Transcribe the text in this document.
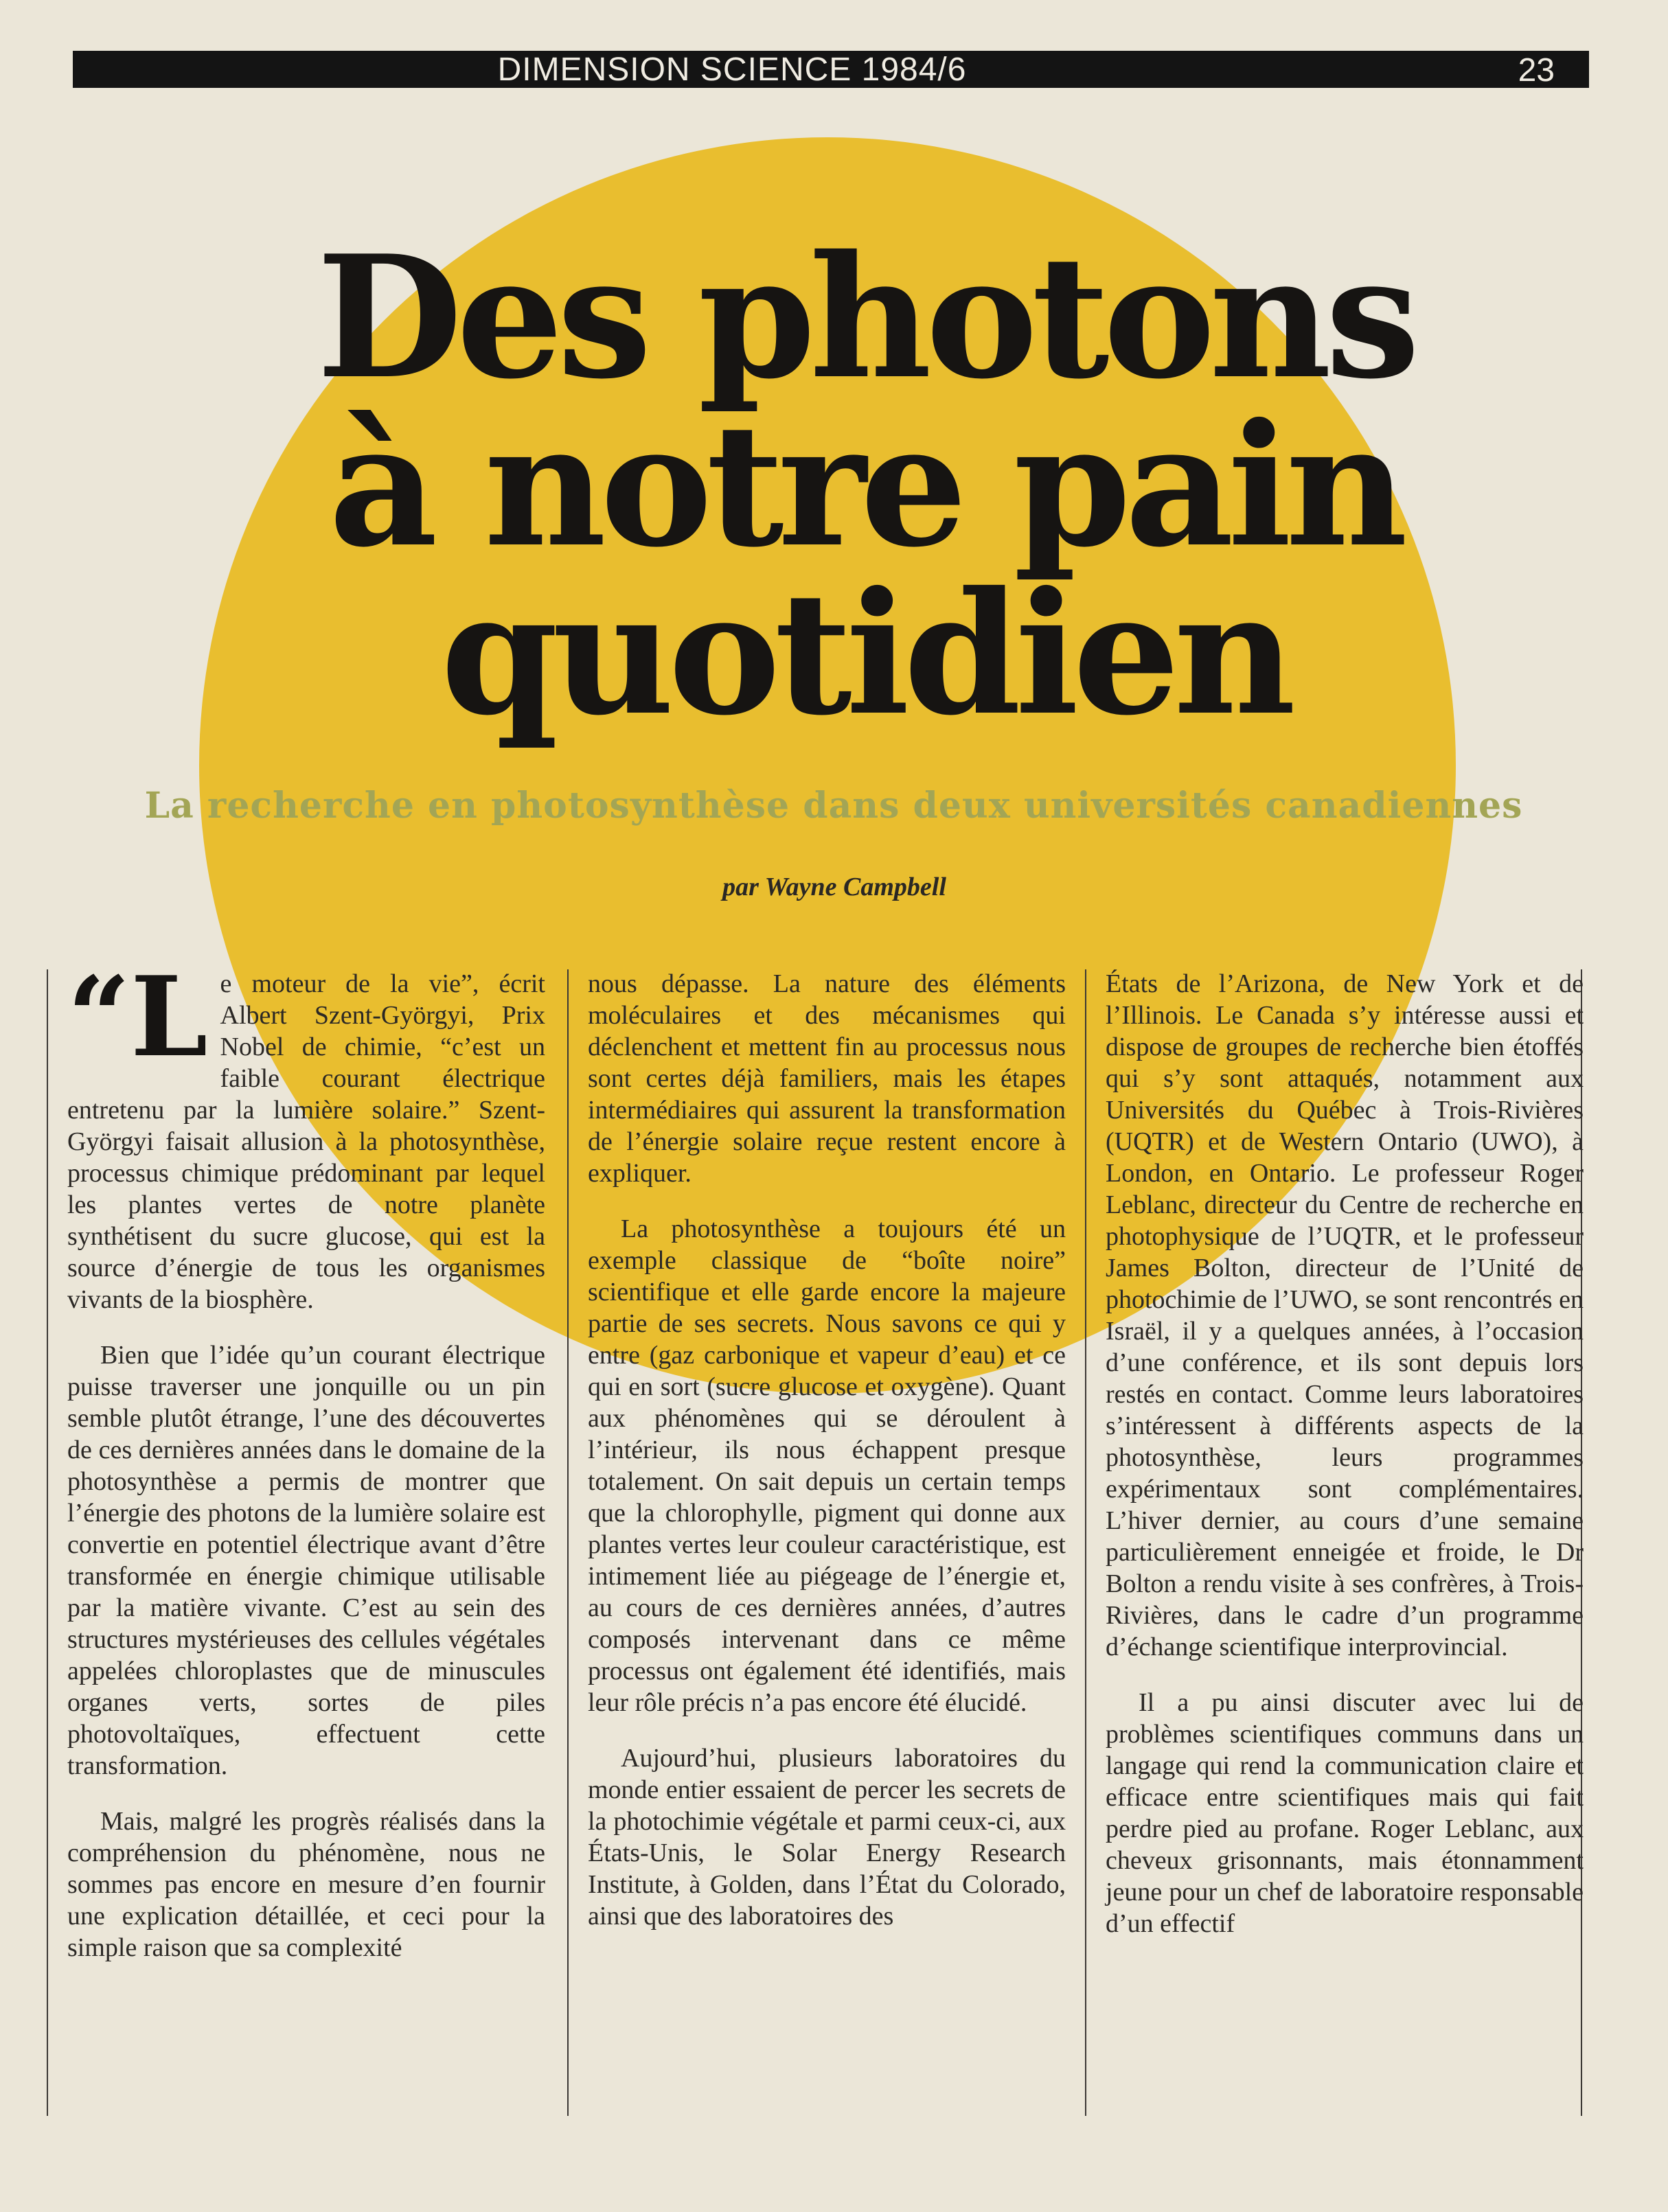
DIMENSION SCIENCE 1984/6	23
Des photons
à notre pain
quotidien
La recherche en photosynthèse dans deux universités canadiennes
par Wayne Campbell

“Le moteur de la vie”, écrit Albert Szent-Györgyi, Prix Nobel de chimie, “c’est un faible courant électrique entretenu par la lumière solaire.” Szent-Györgyi faisait allusion à la photosynthèse, processus chimique prédominant par lequel les plantes vertes de notre planète synthétisent du sucre glucose, qui est la source d’énergie de tous les organismes vivants de la biosphère.

Bien que l’idée qu’un courant électrique puisse traverser une jonquille ou un pin semble plutôt étrange, l’une des découvertes de ces dernières années dans le domaine de la photosynthèse a permis de montrer que l’énergie des photons de la lumière solaire est convertie en potentiel électrique avant d’être transformée en énergie chimique utilisable par la matière vivante. C’est au sein des structures mystérieuses des cellules végétales appelées chloroplastes que de minuscules organes verts, sortes de piles photovoltaïques, effectuent cette transformation.

Mais, malgré les progrès réalisés dans la compréhension du phénomène, nous ne sommes pas encore en mesure d’en fournir une explication détaillée, et ceci pour la simple raison que sa complexité

nous dépasse. La nature des éléments moléculaires et des mécanismes qui déclenchent et mettent fin au processus nous sont certes déjà familiers, mais les étapes intermédiaires qui assurent la transformation de l’énergie solaire reçue restent encore à expliquer.

La photosynthèse a toujours été un exemple classique de “boîte noire” scientifique et elle garde encore la majeure partie de ses secrets. Nous savons ce qui y entre (gaz carbonique et vapeur d’eau) et ce qui en sort (sucre glucose et oxygène). Quant aux phénomènes qui se déroulent à l’intérieur, ils nous échappent presque totalement. On sait depuis un certain temps que la chlorophylle, pigment qui donne aux plantes vertes leur couleur caractéristique, est intimement liée au piégeage de l’énergie et, au cours de ces dernières années, d’autres composés intervenant dans ce même processus ont également été identifiés, mais leur rôle précis n’a pas encore été élucidé.

Aujourd’hui, plusieurs laboratoires du monde entier essaient de percer les secrets de la photochimie végétale et parmi ceux-ci, aux États-Unis, le Solar Energy Research Institute, à Golden, dans l’État du Colorado, ainsi que des laboratoires des

États de l’Arizona, de New York et de l’Illinois. Le Canada s’y intéresse aussi et dispose de groupes de recherche bien étoffés qui s’y sont attaqués, notamment aux Universités du Québec à Trois-Rivières (UQTR) et de Western Ontario (UWO), à London, en Ontario. Le professeur Roger Leblanc, directeur du Centre de recherche en photophysique de l’UQTR, et le professeur James Bolton, directeur de l’Unité de photochimie de l’UWO, se sont rencontrés en Israël, il y a quelques années, à l’occasion d’une conférence, et ils sont depuis lors restés en contact. Comme leurs laboratoires s’intéressent à différents aspects de la photosynthèse, leurs programmes expérimentaux sont complémentaires. L’hiver dernier, au cours d’une semaine particulièrement enneigée et froide, le Dr Bolton a rendu visite à ses confrères, à Trois-Rivières, dans le cadre d’un programme d’échange scientifique interprovincial.

Il a pu ainsi discuter avec lui de problèmes scientifiques communs dans un langage qui rend la communication claire et efficace entre scientifiques mais qui fait perdre pied au profane. Roger Leblanc, aux cheveux grisonnants, mais étonnamment jeune pour un chef de laboratoire responsable d’un effectif
